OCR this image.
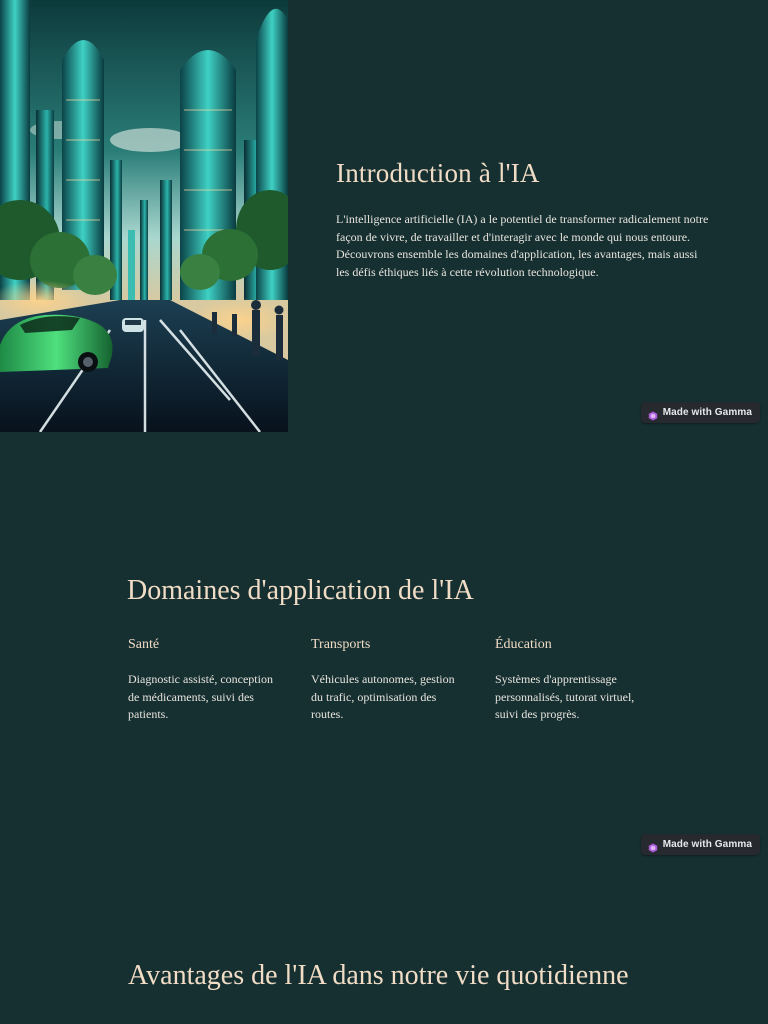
Introduction à l'IA

L'intelligence artificielle (IA) a le potentiel de transformer radicalement notre façon de vivre, de travailler et d'interagir avec le monde qui nous entoure. Découvrons ensemble les domaines d'application, les avantages, mais aussi les défis éthiques liés à cette révolution technologique.

Made with Gamma
Domaines d'application de l'IA
Santé

Diagnostic assisté, conception de médicaments, suivi des patients.

Transports

Véhicules autonomes, gestion du trafic, optimisation des routes.

Éducation

Systèmes d'apprentissage personnalisés, tutorat virtuel, suivi des progrès.

Made with Gamma
Avantages de l'IA dans notre vie quotidienne
